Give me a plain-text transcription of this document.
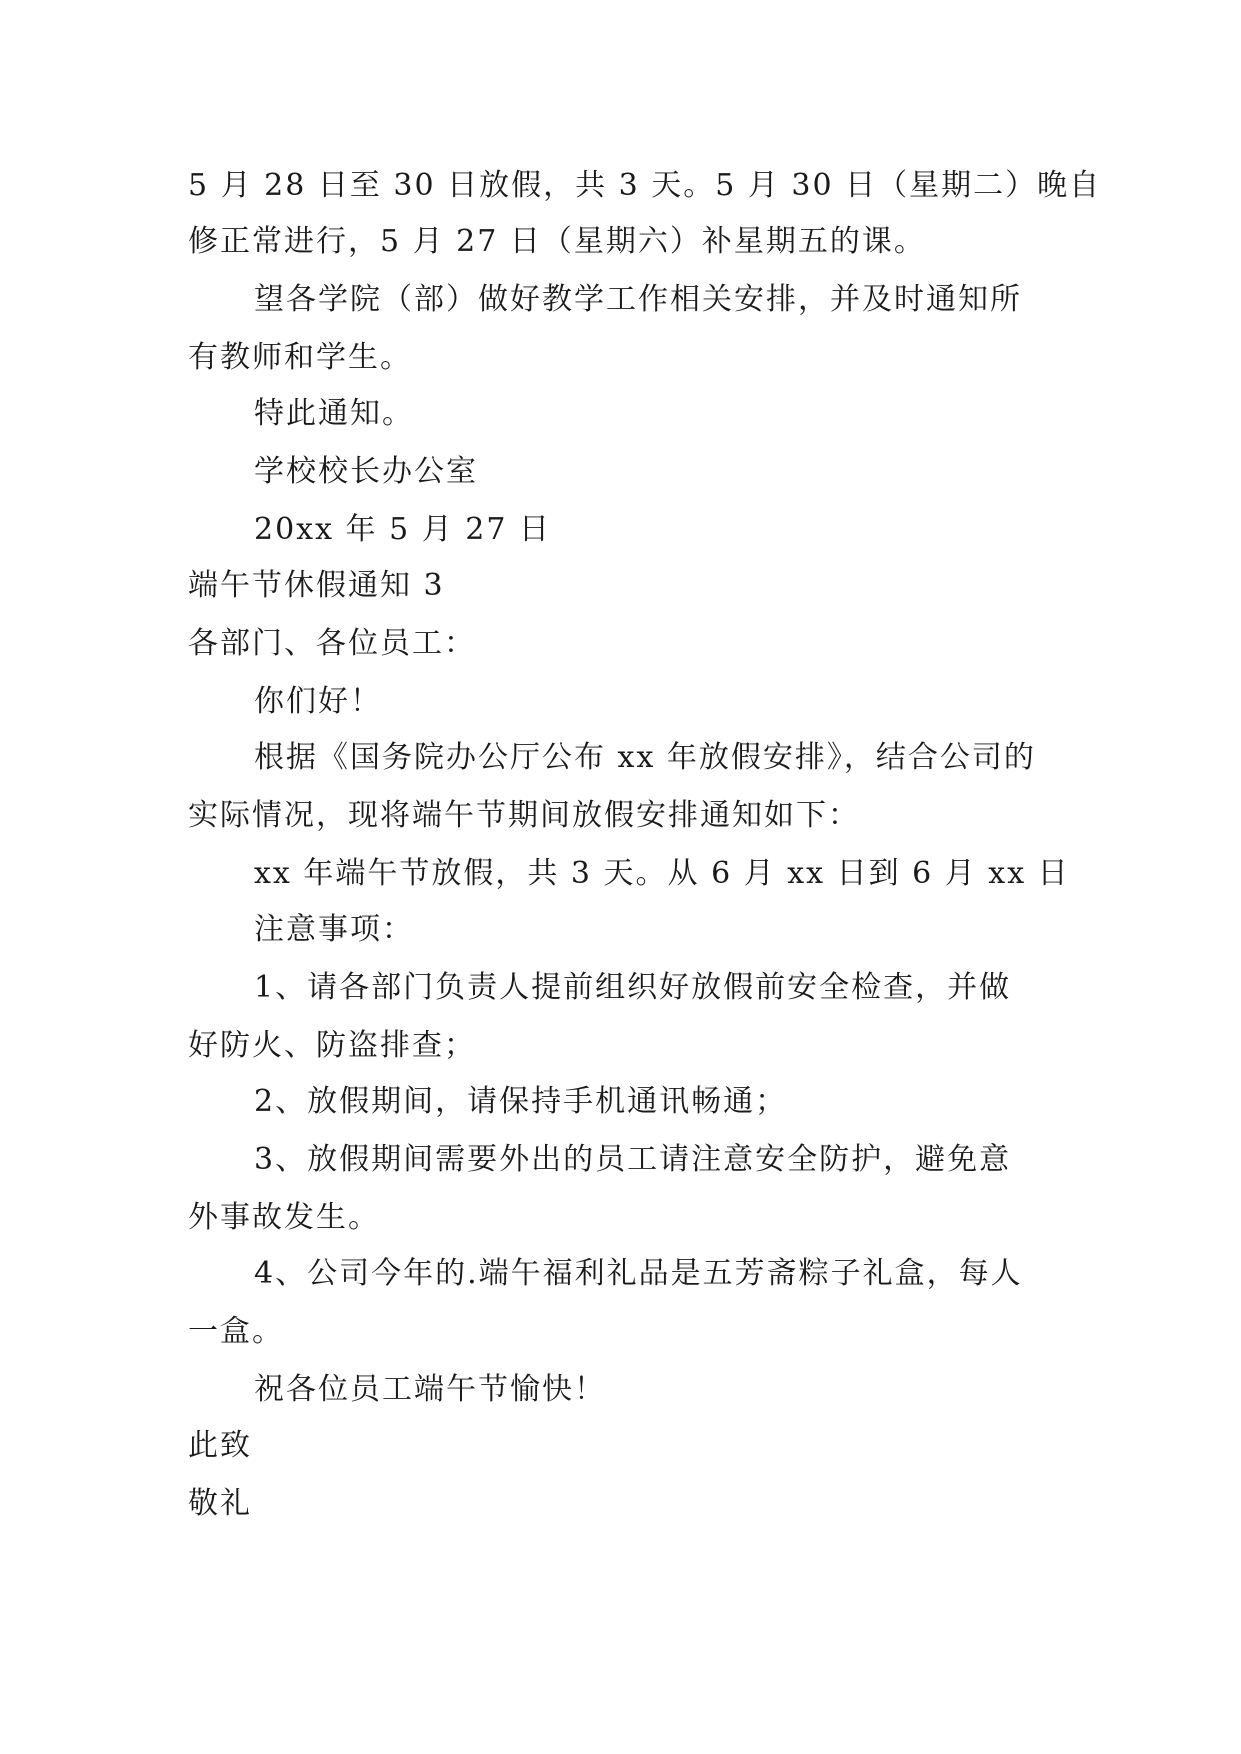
5 月 28 日至 30 日放假，共 3 天。5 月 30 日（星期二）晚自
修正常进行，5 月 27 日（星期六）补星期五的课。
望各学院（部）做好教学工作相关安排，并及时通知所
有教师和学生。
特此通知。
学校校长办公室
20xx 年 5 月 27 日
端午节休假通知 3
各部门、各位员工：
你们好！
根据《国务院办公厅公布 xx 年放假安排》，结合公司的
实际情况，现将端午节期间放假安排通知如下：
xx 年端午节放假，共 3 天。从 6 月 xx 日到 6 月 xx 日
注意事项：
1、请各部门负责人提前组织好放假前安全检查，并做
好防火、防盗排查；
2、放假期间，请保持手机通讯畅通；
3、放假期间需要外出的员工请注意安全防护，避免意
外事故发生。
4、公司今年的.端午福利礼品是五芳斋粽子礼盒，每人
一盒。
祝各位员工端午节愉快！
此致
敬礼
